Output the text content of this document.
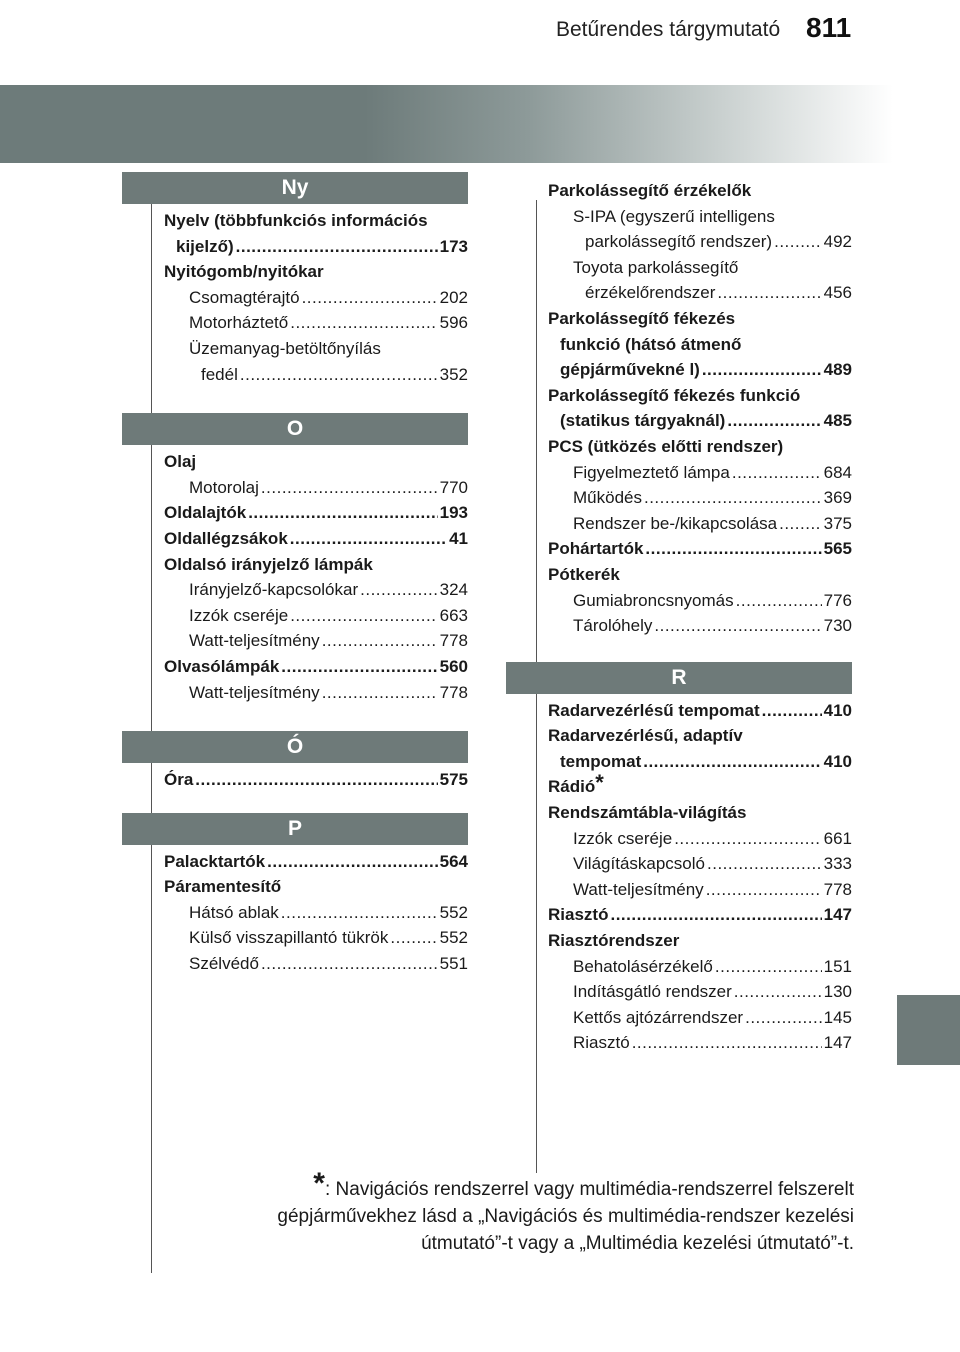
Betűrendes tárgymutató 811
Ny
Nyelv (többfunkciós információs
kijelző) .....	173
Nyitógomb/nyitókar
Csomagtérajtó .....	202
Motorháztető .....	596
Üzemanyag-betöltőnyílás
fedél .....	352
O
Olaj
Motorolaj .....	770
Oldalajtók .....	193
Oldallégzsákok .....	41
Oldalsó irányjelző lámpák
Irányjelző-kapcsolókar .....	324
Izzók cseréje .....	663
Watt-teljesítmény .....	778
Olvasólámpák .....	560
Watt-teljesítmény .....	778
Ó
Óra .....	575
P
Palacktartók .....	564
Páramentesítő
Hátsó ablak .....	552
Külső visszapillantó tükrök .....	552
Szélvédő .....	551
Parkolássegítő érzékelők
S-IPA (egyszerű intelligens
parkolássegítő rendszer) .....	492
Toyota parkolássegítő
érzékelőrendszer .....	456
Parkolássegítő fékezés
funkció (hátsó átmenő
gépjárművekné l) .....	489
Parkolássegítő fékezés funkció
(statikus tárgyaknál) .....	485
PCS (ütközés előtti rendszer)
Figyelmeztető lámpa .....	684
Működés .....	369
Rendszer be-/kikapcsolása .....	375
Pohártartók .....	565
Pótkerék
Gumiabroncsnyomás .....	776
Tárolóhely .....	730
R
Radarvezérlésű tempomat .....	410
Radarvezérlésű, adaptív
tempomat .....	410
Rádió*
Rendszámtábla-világítás
Izzók cseréje .....	661
Világításkapcsoló .....	333
Watt-teljesítmény .....	778
Riasztó .....	147
Riasztórendszer
Behatolásérzékelő .....	151
Indításgátló rendszer .....	130
Kettős ajtózárrendszer .....	145
Riasztó .....	147
*: Navigációs rendszerrel vagy multimédia-rendszerrel felszerelt
gépjárművekhez lásd a „Navigációs és multimédia-rendszer kezelési
útmutató”-t vagy a „Multimédia kezelési útmutató”-t.
